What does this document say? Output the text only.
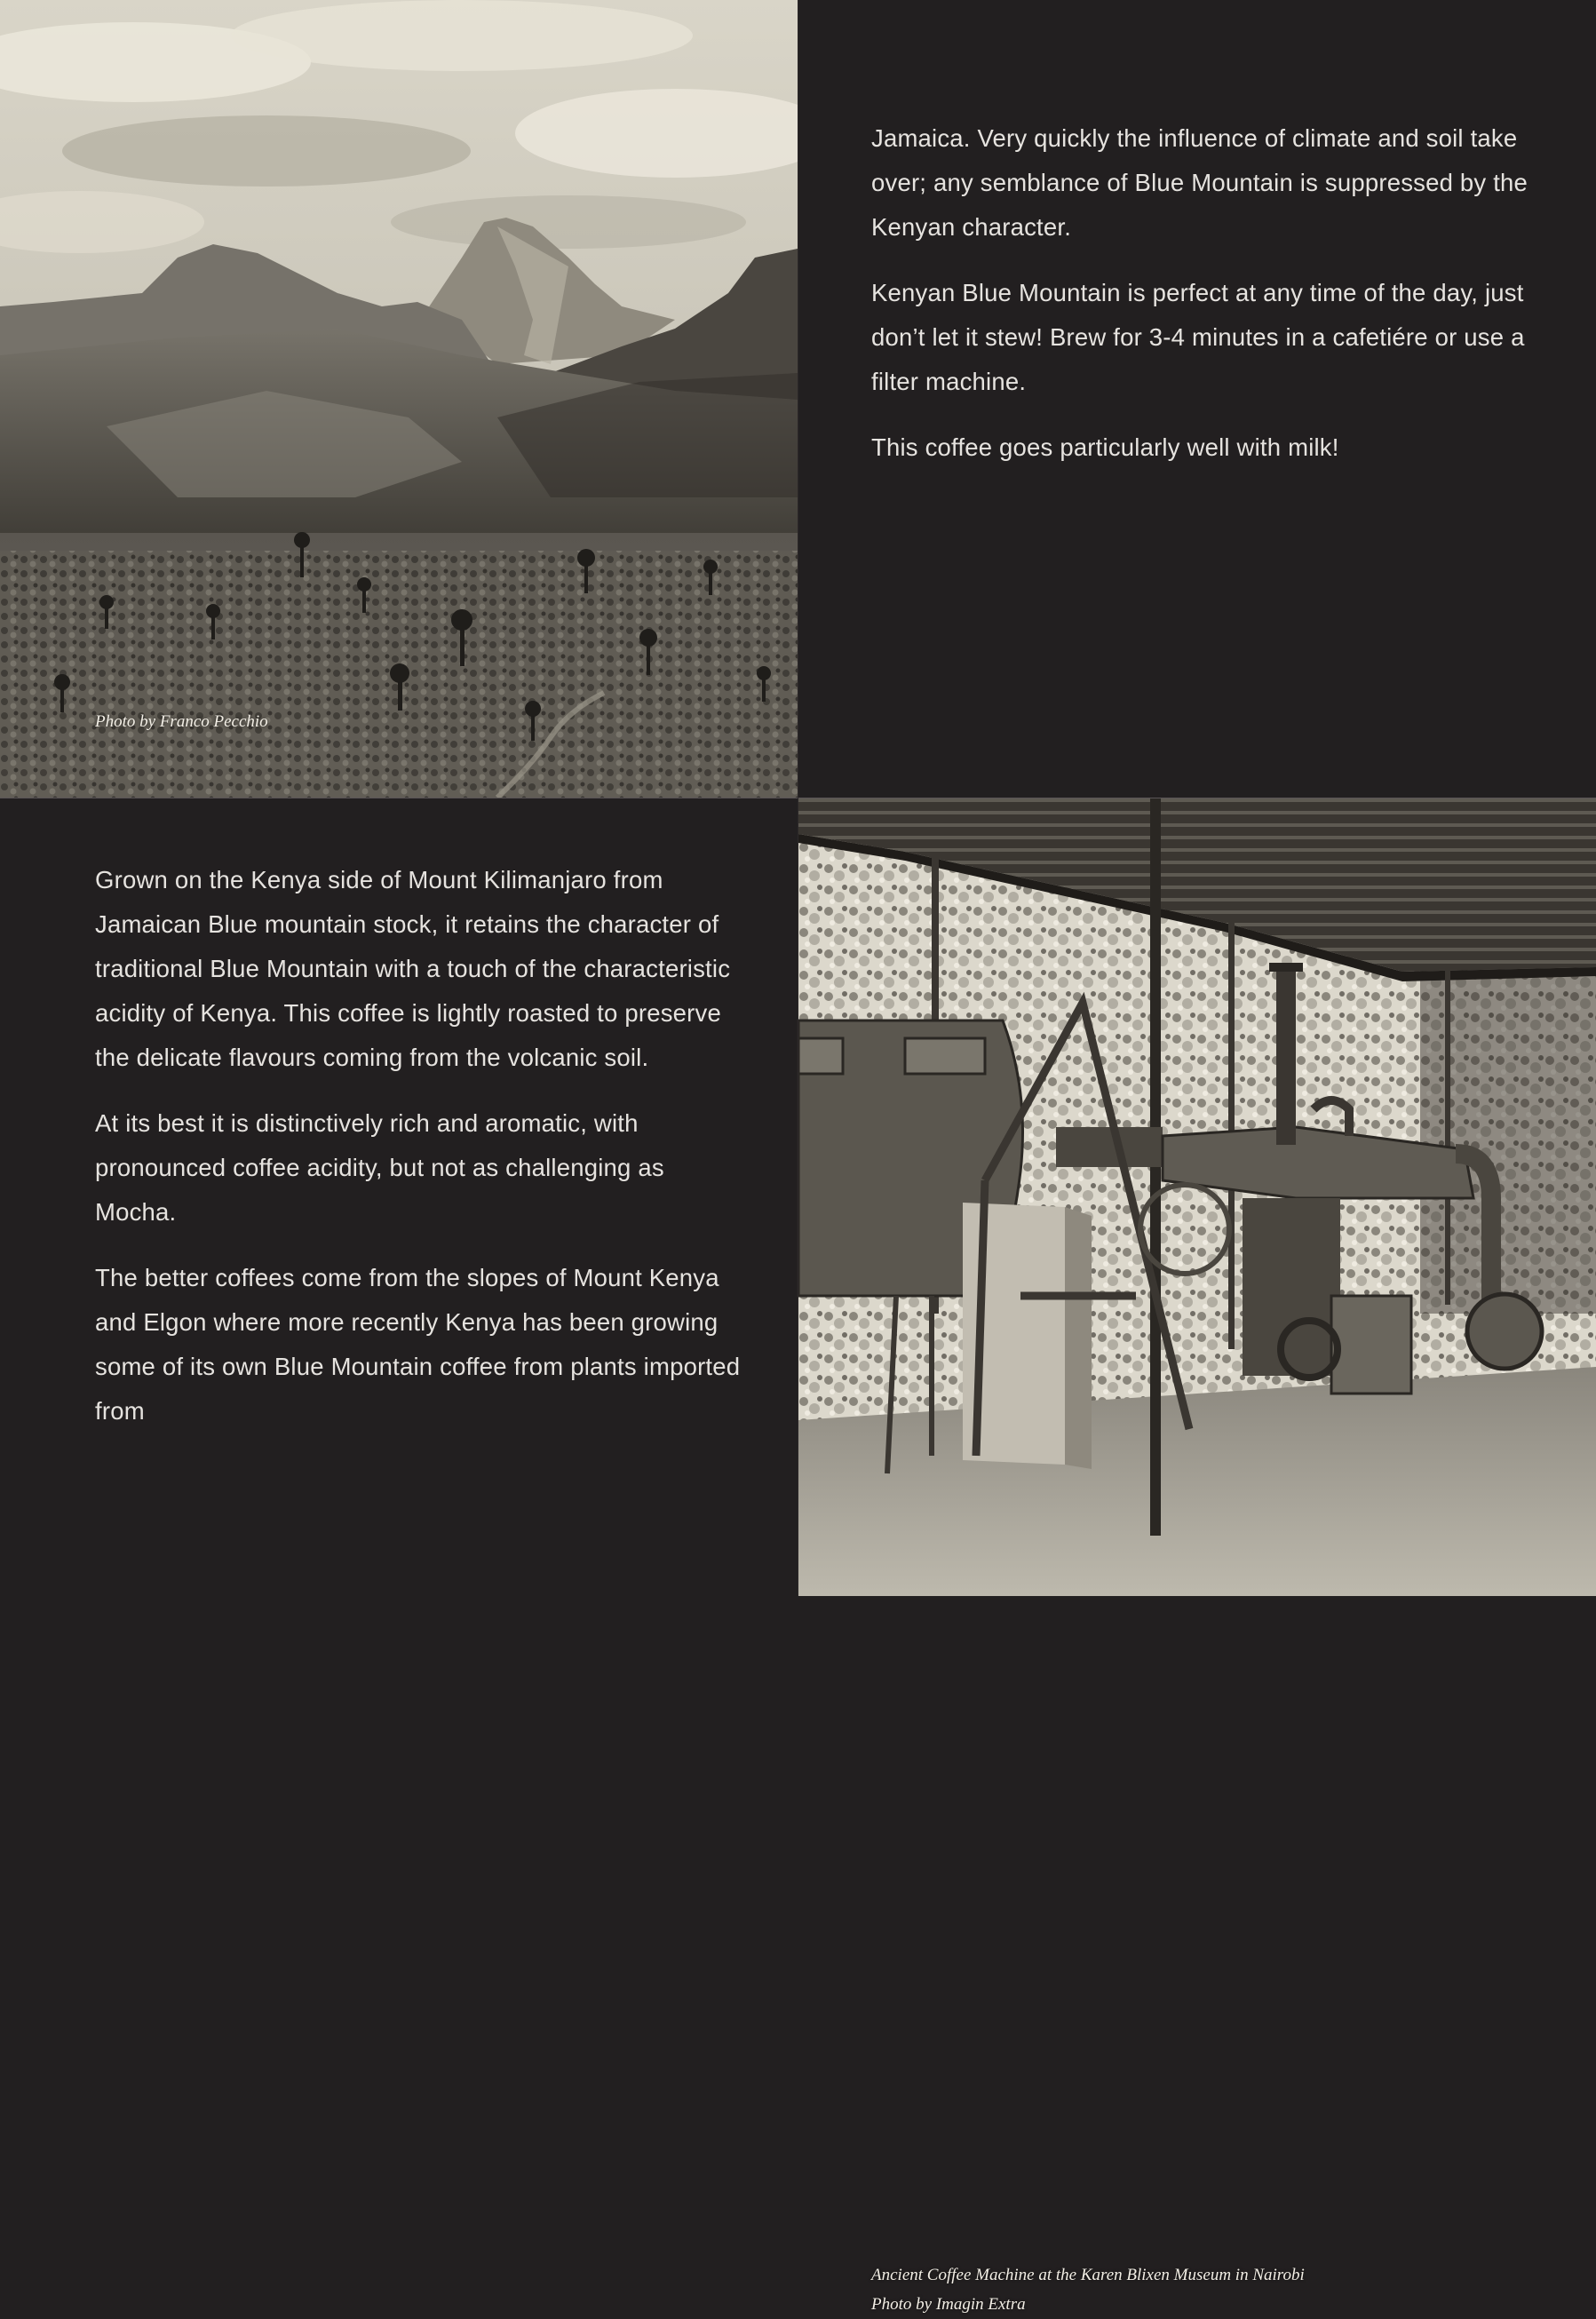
Photo by Franco Pecchio

Jamaica. Very quickly the influence of climate and soil take over; any semblance of Blue Mountain is suppressed by the Kenyan character.

Kenyan Blue Mountain is perfect at any time of the day, just don’t let it stew! Brew for 3-4 minutes in a cafetiére or use a filter machine.

This coffee goes particularly well with milk!

Grown on the Kenya side of Mount Kilimanjaro from Jamaican Blue mountain stock, it retains the character of traditional Blue Mountain with a touch of the characteristic acidity of Kenya. This coffee is lightly roasted to preserve the delicate flavours coming from the volcanic soil.

At its best it is distinctively rich and aromatic, with pronounced coffee acidity, but not as challenging as Mocha.

The better coffees come from the slopes of Mount Kenya and Elgon where more recently Kenya has been growing some of its own Blue Mountain coffee from plants imported from

Ancient Coffee Machine at the Karen Blixen Museum in Nairobi
Photo by Imagin Extra
